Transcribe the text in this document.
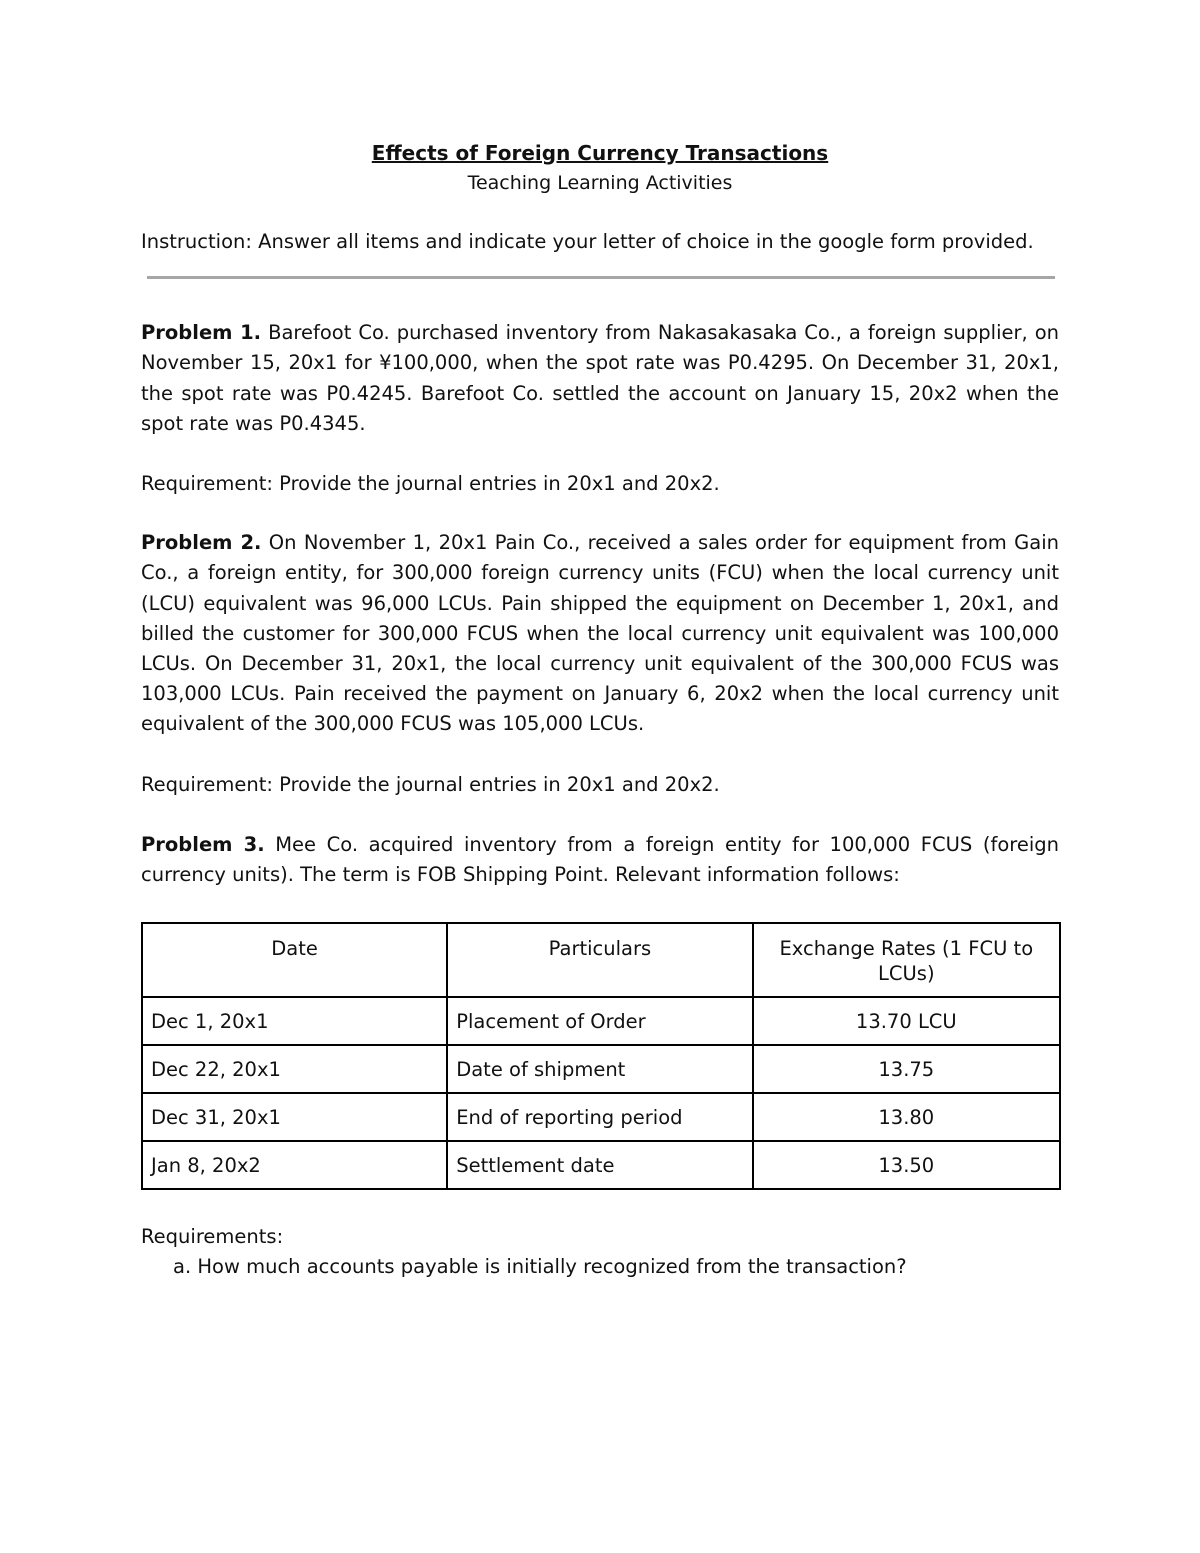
Effects of Foreign Currency Transactions

Teaching Learning Activities

Instruction: Answer all items and indicate your letter of choice in the google form provided.

Problem 1. Barefoot Co. purchased inventory from Nakasakasaka Co., a foreign supplier, on November 15, 20x1 for ¥100,000, when the spot rate was P0.4295. On December 31, 20x1, the spot rate was P0.4245. Barefoot Co. settled the account on January 15, 20x2 when the spot rate was P0.4345.

Requirement: Provide the journal entries in 20x1 and 20x2.

Problem 2. On November 1, 20x1 Pain Co., received a sales order for equipment from Gain Co., a foreign entity, for 300,000 foreign currency units (FCU) when the local currency unit (LCU) equivalent was 96,000 LCUs. Pain shipped the equipment on December 1, 20x1, and billed the customer for 300,000 FCUS when the local currency unit equivalent was 100,000 LCUs. On December 31, 20x1, the local currency unit equivalent of the 300,000 FCUS was 103,000 LCUs. Pain received the payment on January 6, 20x2 when the local currency unit equivalent of the 300,000 FCUS was 105,000 LCUs.

Requirement: Provide the journal entries in 20x1 and 20x2.

Problem 3. Mee Co. acquired inventory from a foreign entity for 100,000 FCUS (foreign currency units). The term is FOB Shipping Point. Relevant information follows:

Date	Particulars	Exchange Rates (1 FCU to LCUs)
Dec 1, 20x1	Placement of Order	13.70 LCU
Dec 22, 20x1	Date of shipment	13.75
Dec 31, 20x1	End of reporting period	13.80
Jan 8, 20x2	Settlement date	13.50

Requirements:

a. How much accounts payable is initially recognized from the transaction?
